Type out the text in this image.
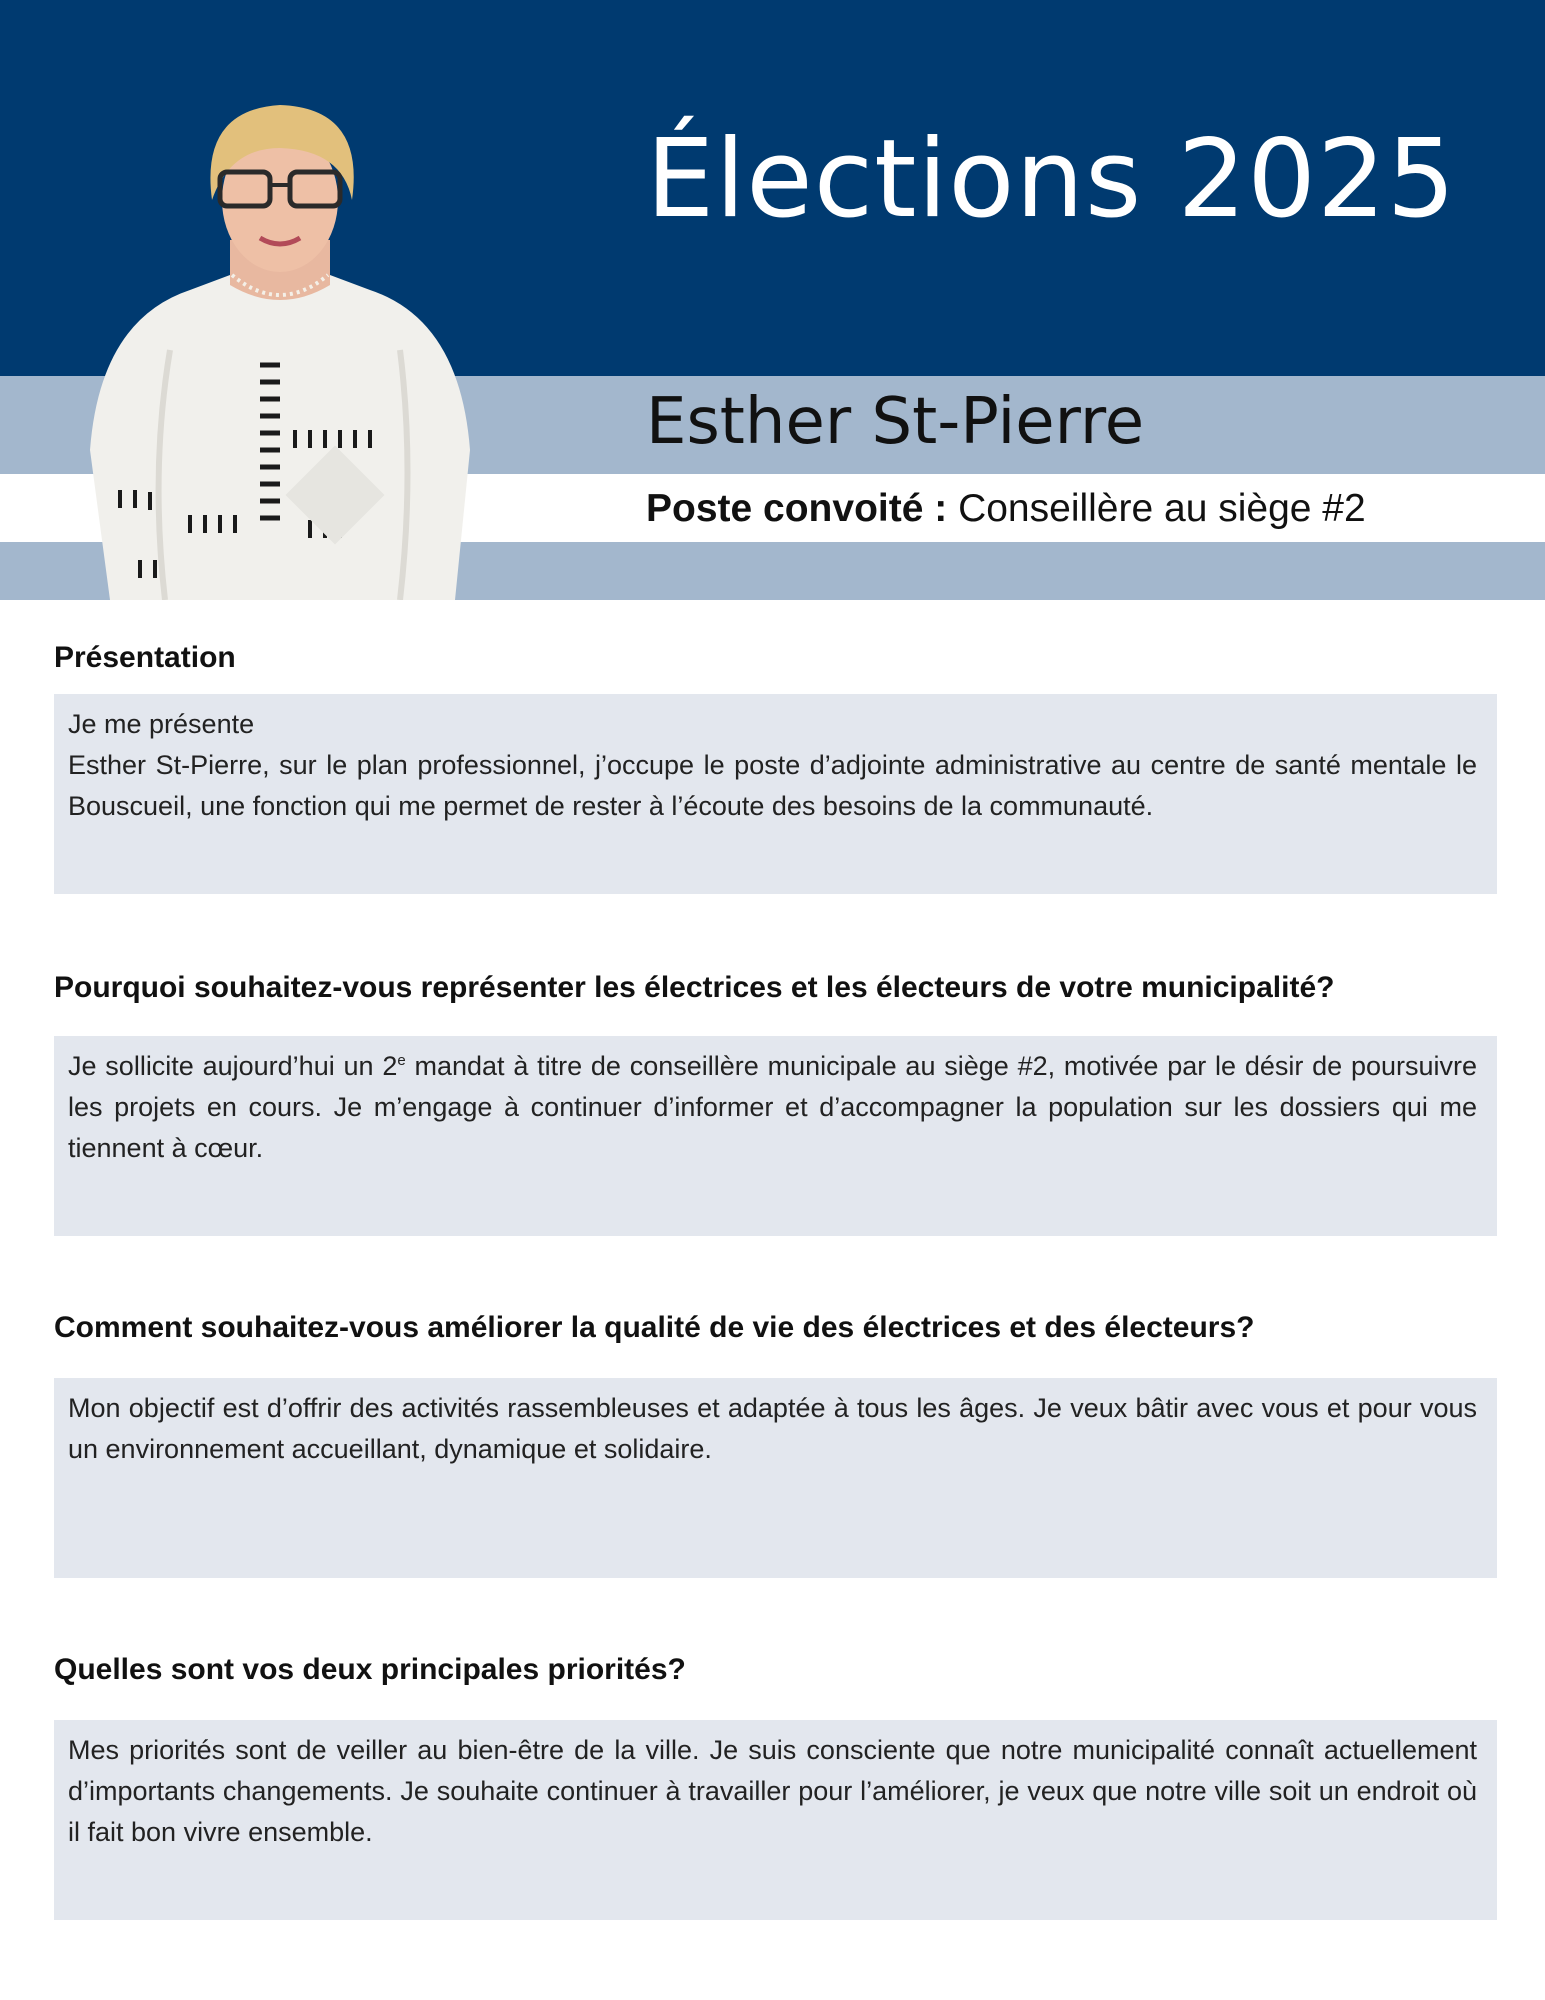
Élections 2025
Esther St-Pierre
Poste convoité : Conseillère au siège #2
Présentation

Je me présente

Esther St-Pierre, sur le plan professionnel, j’occupe le poste d’adjointe administrative au centre de santé mentale le Bouscueil, une fonction qui me permet de rester à l’écoute des besoins de la communauté.

Pourquoi souhaitez-vous représenter les électrices et les électeurs de votre municipalité?

Je sollicite aujourd’hui un 2e mandat à titre de conseillère municipale au siège #2, motivée par le désir de poursuivre les projets en cours. Je m’engage à continuer d’informer et d’accompagner la population sur les dossiers qui me tiennent à cœur.

Comment souhaitez-vous améliorer la qualité de vie des électrices et des électeurs?

Mon objectif est d’offrir des activités rassembleuses et adaptée à tous les âges. Je veux bâtir avec vous et pour vous un environnement accueillant, dynamique et solidaire.

Quelles sont vos deux principales priorités?

Mes priorités sont de veiller au bien-être de la ville. Je suis consciente que notre municipalité connaît actuellement d’importants changements. Je souhaite continuer à travailler pour l’améliorer, je veux que notre ville soit un endroit où il fait bon vivre ensemble.
